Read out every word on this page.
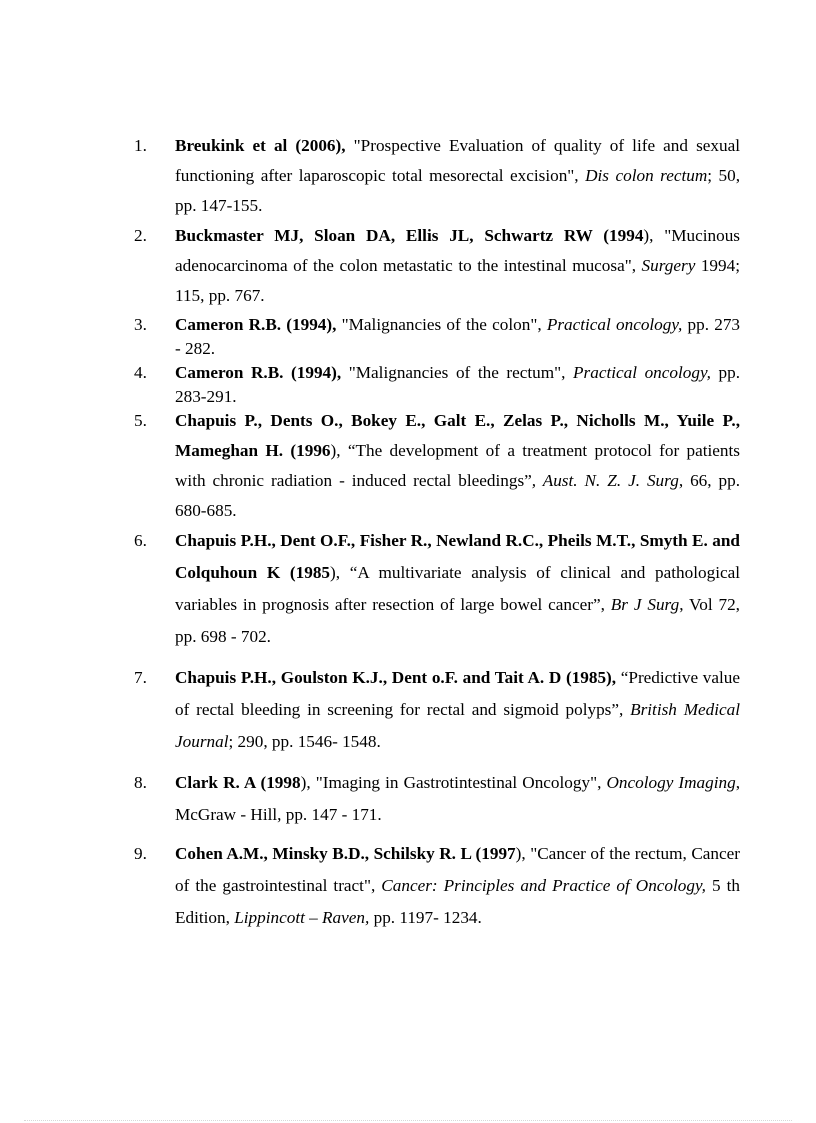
1.	Breukink et al (2006), "Prospective Evaluation of quality of life and sexual functioning after laparoscopic total mesorectal excision", Dis colon rectum; 50, pp. 147-155.
2.	Buckmaster MJ, Sloan DA, Ellis JL, Schwartz RW (1994), "Mucinous adenocarcinoma of the colon metastatic to the intestinal mucosa", Surgery 1994; 115, pp. 767.
3.	Cameron R.B. (1994), "Malignancies of the colon", Practical oncology, pp. 273 - 282.
4.	Cameron R.B. (1994), "Malignancies of the rectum", Practical oncology, pp. 283-291.
5.	Chapuis P., Dents O., Bokey E., Galt E., Zelas P., Nicholls M., Yuile P., Mameghan H. (1996), “The development of a treatment protocol for patients with chronic radiation - induced rectal bleedings”, Aust. N. Z. J. Surg, 66, pp. 680-685.
6.	Chapuis P.H., Dent O.F., Fisher R., Newland R.C., Pheils M.T., Smyth E. and Colquhoun K (1985), “A multivariate analysis of clinical and pathological variables in prognosis after resection of large bowel cancer”, Br J Surg, Vol 72, pp. 698 - 702.
7.	Chapuis P.H., Goulston K.J., Dent o.F. and Tait A. D (1985), “Predictive value of rectal bleeding in screening for rectal and sigmoid polyps”, British Medical Journal; 290, pp. 1546- 1548.
8.	Clark R. A (1998), "Imaging in Gastrotintestinal Oncology", Oncology Imaging, McGraw - Hill, pp. 147 - 171.
9.	Cohen A.M., Minsky B.D., Schilsky R. L (1997), "Cancer of the rectum, Cancer of the gastrointestinal tract", Cancer: Principles and Practice of Oncology, 5 th Edition, Lippincott – Raven, pp. 1197- 1234.
